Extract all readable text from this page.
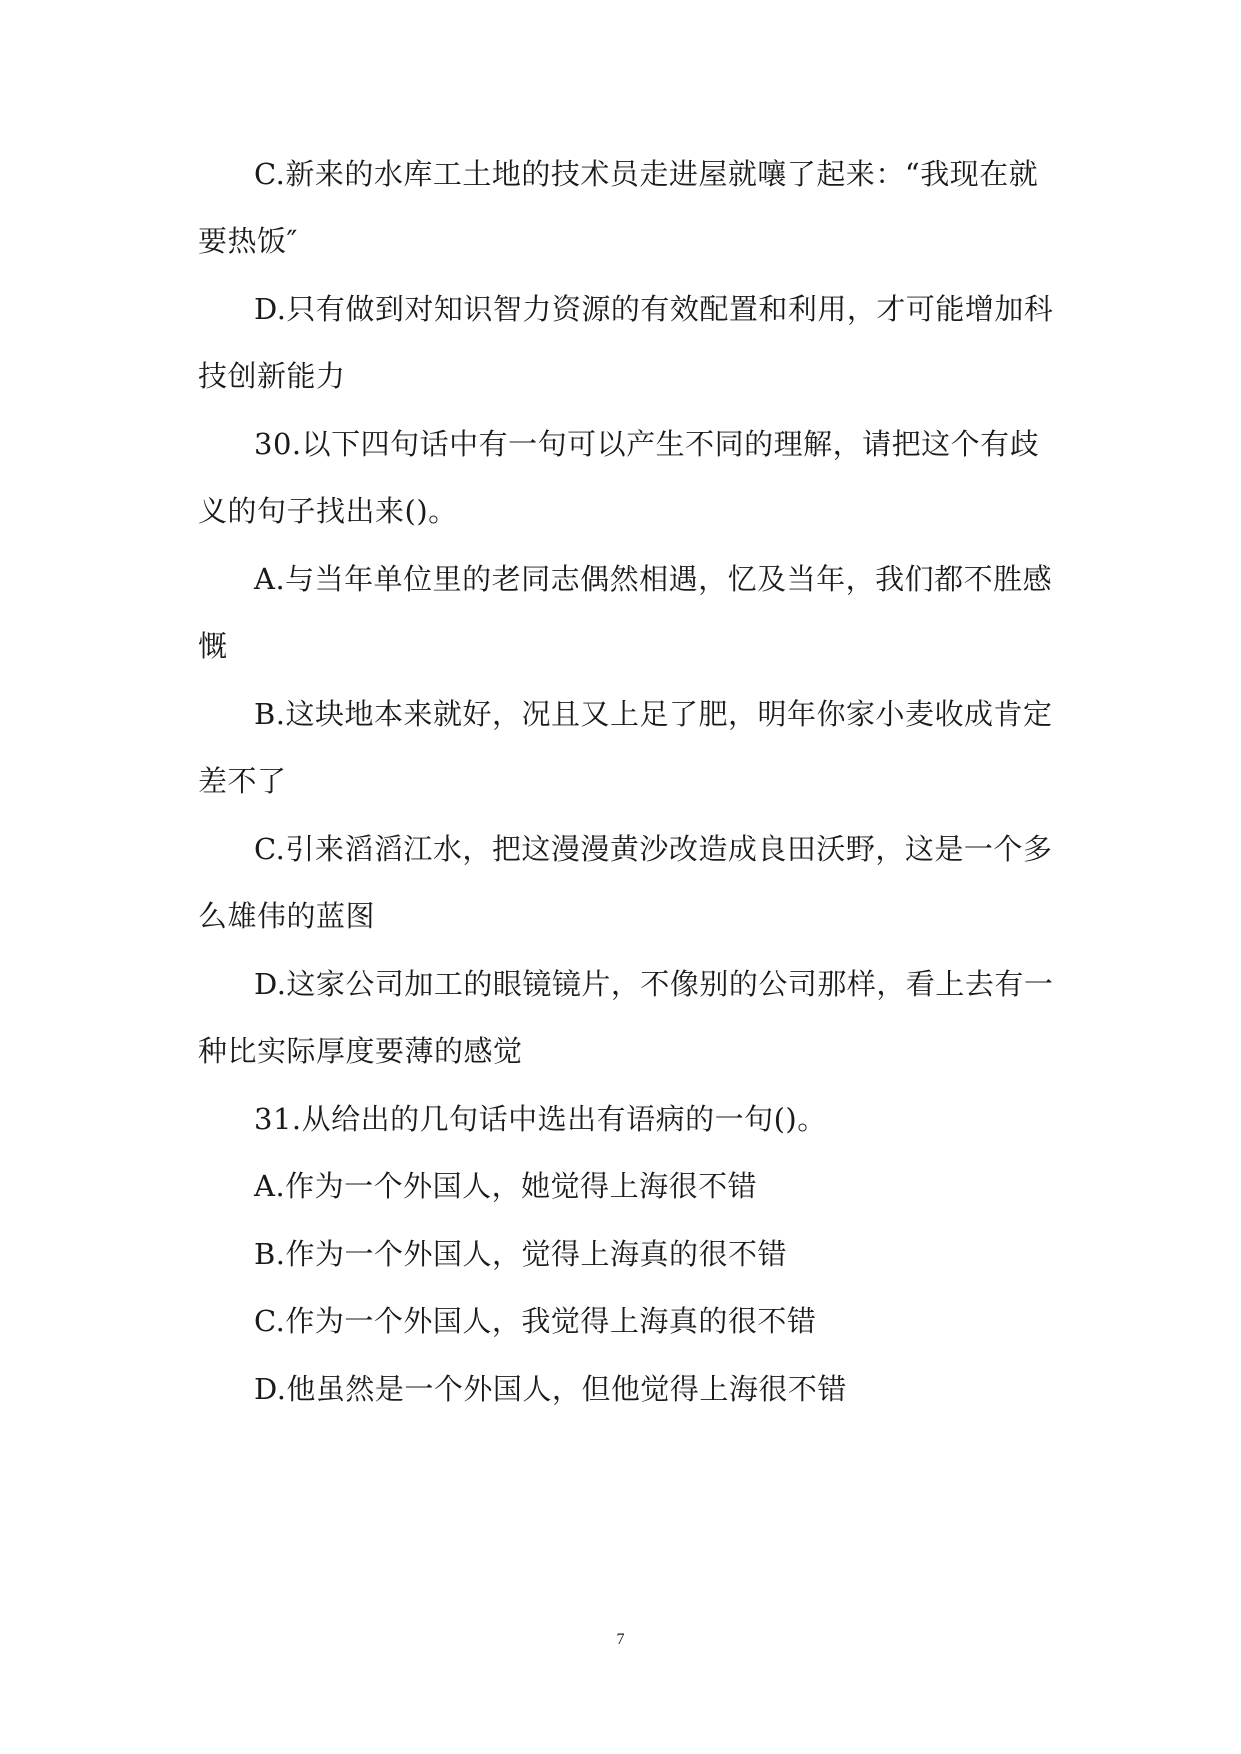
C.新来的水库工土地的技术员走进屋就嚷了起来：“我现在就
要热饭″
D.只有做到对知识智力资源的有效配置和利用，才可能增加科
技创新能力
30.以下四句话中有一句可以产生不同的理解，请把这个有歧
义的句子找出来()。
A.与当年单位里的老同志偶然相遇，忆及当年，我们都不胜感
慨
B.这块地本来就好，况且又上足了肥，明年你家小麦收成肯定
差不了
C.引来滔滔江水，把这漫漫黄沙改造成良田沃野，这是一个多
么雄伟的蓝图
D.这家公司加工的眼镜镜片，不像别的公司那样，看上去有一
种比实际厚度要薄的感觉
31.从给出的几句话中选出有语病的一句()。
A.作为一个外国人，她觉得上海很不错
B.作为一个外国人，觉得上海真的很不错
C.作为一个外国人，我觉得上海真的很不错
D.他虽然是一个外国人，但他觉得上海很不错
7
